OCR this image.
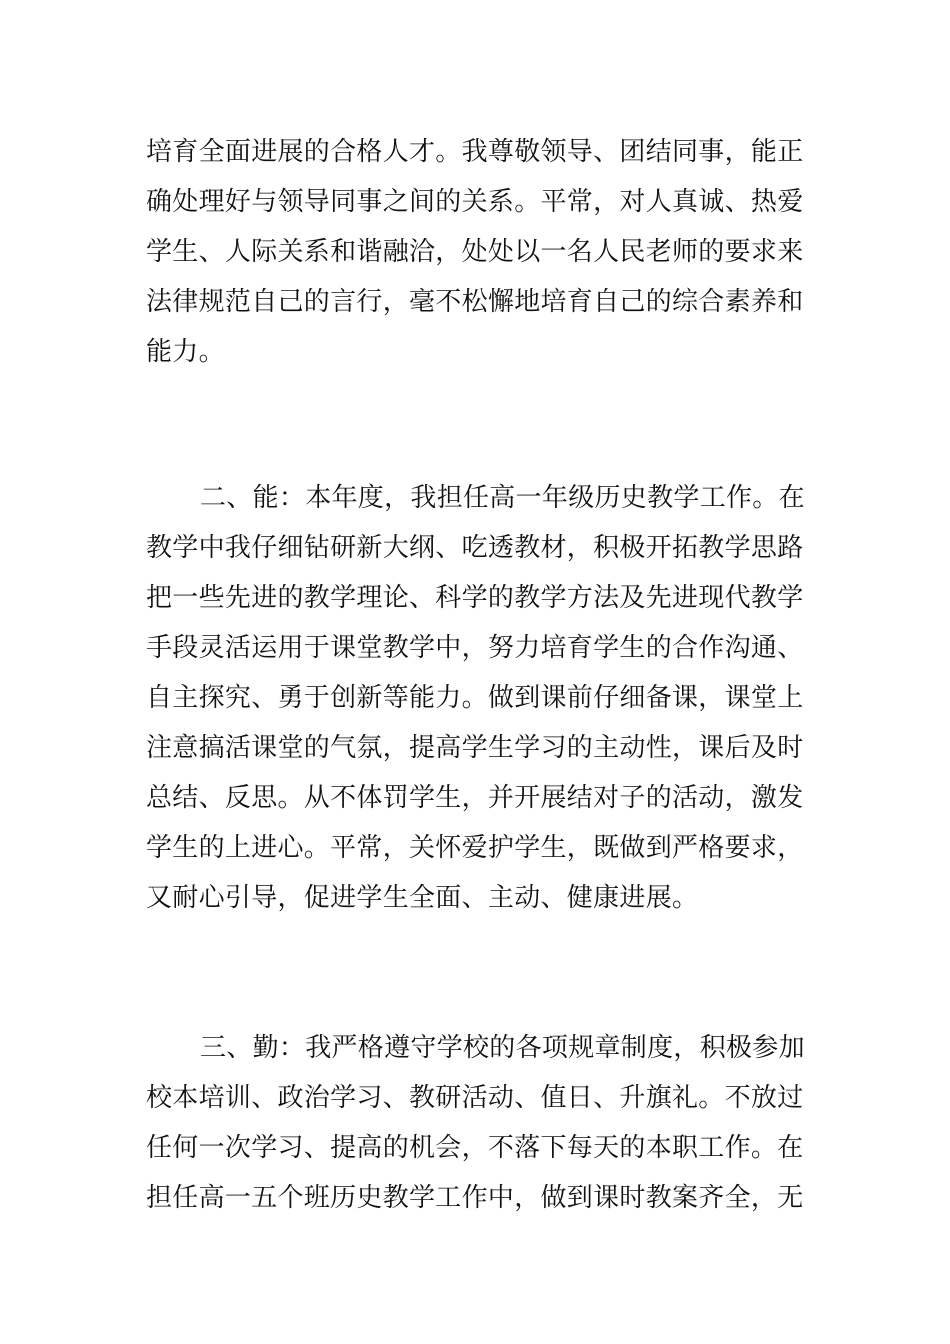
培育全面进展的合格人才。我尊敬领导、团结同事，能正
确处理好与领导同事之间的关系。平常，对人真诚、热爱
学生、人际关系和谐融洽，处处以一名人民老师的要求来
法律规范自己的言行，毫不松懈地培育自己的综合素养和
能力。
二、能：本年度，我担任高一年级历史教学工作。在
教学中我仔细钻研新大纲、吃透教材，积极开拓教学思路
把一些先进的教学理论、科学的教学方法及先进现代教学
手段灵活运用于课堂教学中，努力培育学生的合作沟通、
自主探究、勇于创新等能力。做到课前仔细备课，课堂上
注意搞活课堂的气氛，提高学生学习的主动性，课后及时
总结、反思。从不体罚学生，并开展结对子的活动，激发
学生的上进心。平常，关怀爱护学生，既做到严格要求，
又耐心引导，促进学生全面、主动、健康进展。
三、勤：我严格遵守学校的各项规章制度，积极参加
校本培训、政治学习、教研活动、值日、升旗礼。不放过
任何一次学习、提高的机会，不落下每天的本职工作。在
担任高一五个班历史教学工作中，做到课时教案齐全，无
